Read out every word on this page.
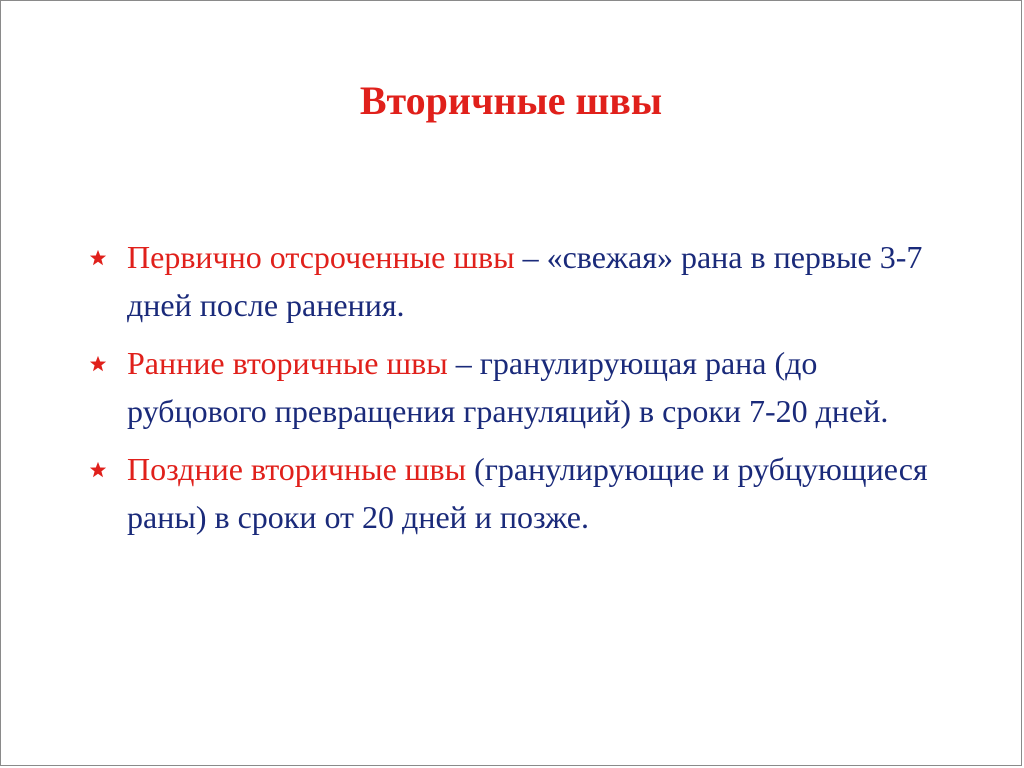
Вторичные швы
Первично отсроченные швы – «свежая» рана в первые 3-7 дней после ранения.
Ранние вторичные швы – гранулирующая рана (до рубцового превращения грануляций) в сроки 7-20 дней.
Поздние вторичные швы (гранулирующие и рубцующиеся раны) в сроки от 20 дней и позже.
